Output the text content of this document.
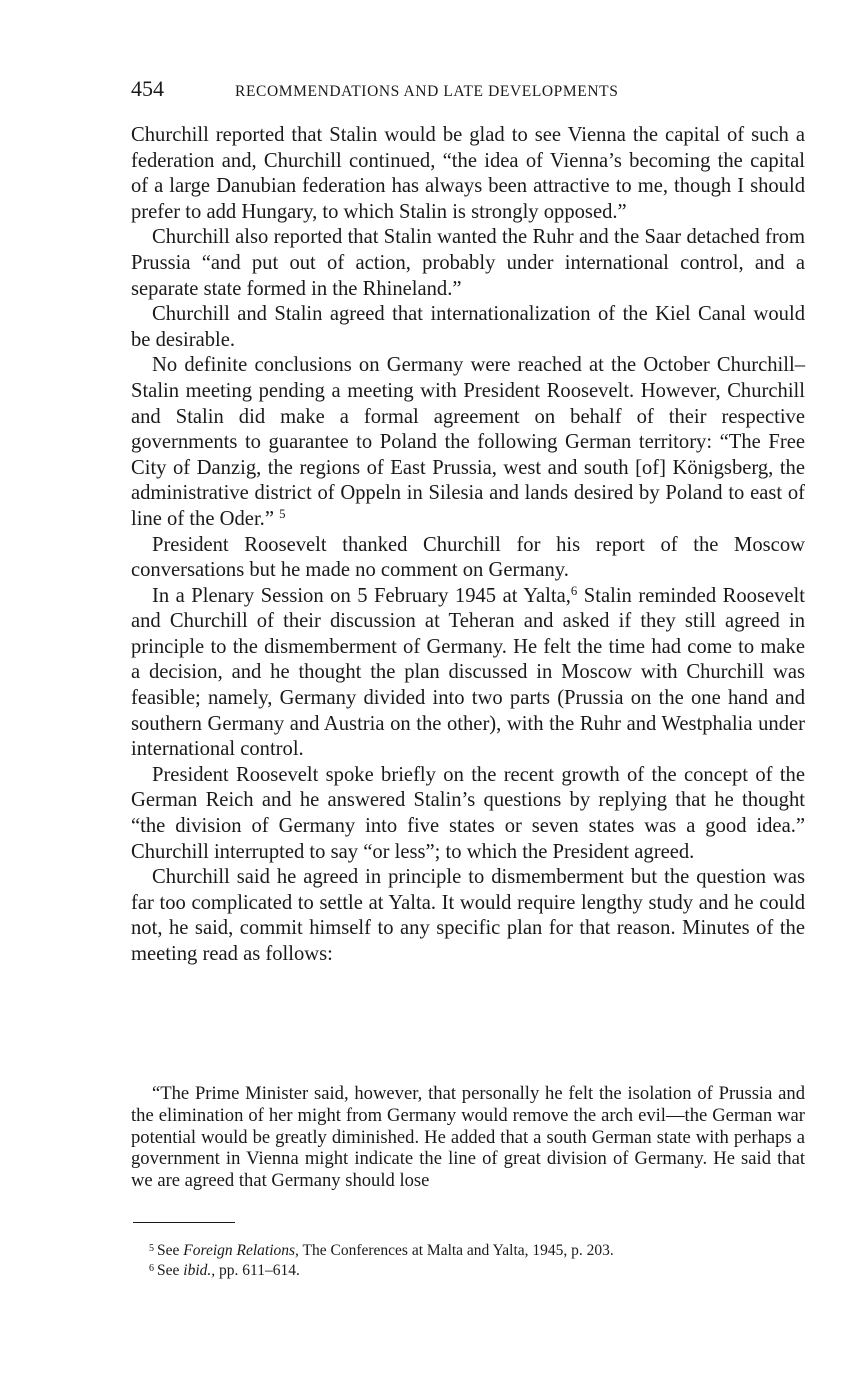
454	RECOMMENDATIONS AND LATE DEVELOPMENTS

Churchill reported that Stalin would be glad to see Vienna the capital of such a federation and, Churchill continued, “the idea of Vienna’s becoming the capital of a large Danubian federation has always been attractive to me, though I should prefer to add Hungary, to which Stalin is strongly opposed.”

Churchill also reported that Stalin wanted the Ruhr and the Saar detached from Prussia “and put out of action, probably under international control, and a separate state formed in the Rhineland.”

Churchill and Stalin agreed that internationalization of the Kiel Canal would be desirable.

No definite conclusions on Germany were reached at the October Churchill–Stalin meeting pending a meeting with President Roosevelt. However, Churchill and Stalin did make a formal agreement on behalf of their respective governments to guarantee to Poland the following German territory: “The Free City of Danzig, the regions of East Prussia, west and south [of] Königsberg, the administrative district of Oppeln in Silesia and lands desired by Poland to east of line of the Oder.” $^5$

President Roosevelt thanked Churchill for his report of the Moscow conversations but he made no comment on Germany.

In a Plenary Session on 5 February 1945 at Yalta,$^6$ Stalin reminded Roosevelt and Churchill of their discussion at Teheran and asked if they still agreed in principle to the dismemberment of Germany. He felt the time had come to make a decision, and he thought the plan discussed in Moscow with Churchill was feasible; namely, Germany divided into two parts (Prussia on the one hand and southern Germany and Austria on the other), with the Ruhr and Westphalia under international control.

President Roosevelt spoke briefly on the recent growth of the concept of the German Reich and he answered Stalin’s questions by replying that he thought “the division of Germany into five states or seven states was a good idea.” Churchill interrupted to say “or less”; to which the President agreed.

Churchill said he agreed in principle to dismemberment but the question was far too complicated to settle at Yalta. It would require lengthy study and he could not, he said, commit himself to any specific plan for that reason. Minutes of the meeting read as follows:

“The Prime Minister said, however, that personally he felt the isolation of Prussia and the elimination of her might from Germany would remove the arch evil—the German war potential would be greatly diminished. He added that a south German state with perhaps a government in Vienna might indicate the line of great division of Germany. He said that we are agreed that Germany should lose

$^5$ See Foreign Relations, The Conferences at Malta and Yalta, 1945, p. 203.

$^6$ See ibid., pp. 611–614.
